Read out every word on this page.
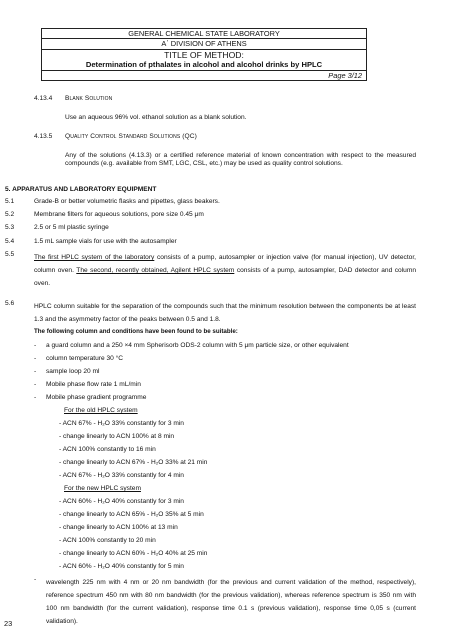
GENERAL CHEMICAL STATE LABORATORY
A΄ DIVISION OF ATHENS
TITLE OF METHOD:
Determination of pthalates in alcohol and alcohol drinks by HPLC
Page 3/12
4.13.4 Blank Solution
Use an aqueous 96% vol. ethanol solution as a blank solution.
4.13.5 Quality Control Standard Solutions (QC)
Any of the solutions (4.13.3) or a certified reference material of known concentration with respect to the measured compounds (e.g. available from SMT, LGC, CSL, etc.) may be used as quality control solutions.
5. APPARATUS AND LABORATORY EQUIPMENT
5.1	Grade-B or better volumetric flasks and pipettes, glass beakers.
5.2	Membrane filters for aqueous solutions, pore size 0.45 μm
5.3	2.5 or 5 ml plastic syringe
5.4	1.5 mL sample vials for use with the autosampler
5.5	The first HPLC system of the laboratory consists of a pump, autosampler or injection valve (for manual injection), UV detector, column oven. The second, recently obtained, Agilent HPLC system consists of a pump, autosampler, DAD detector and column oven.
5.6	HPLC column suitable for the separation of the compounds such that the minimum resolution between the components be at least 1.3 and the asymmetry factor of the peaks between 0.5 and 1.8.
The following column and conditions have been found to be suitable:
- a guard column and a 250 ×4 mm Spherisorb ODS-2 column with 5 μm particle size, or other equivalent
- column temperature 30 °C
- sample loop 20 ml
- Mobile phase flow rate 1 mL/min
- Mobile phase gradient programme
For the old HPLC system
- ACN 67% - H₂O 33% constantly for 3 min
- change linearly to ACN 100% at 8 min
- ACN 100% constantly to 16 min
- change linearly to ACN 67% - H₂O 33% at 21 min
- ACN 67% - H₂O 33% constantly for 4 min
For the new HPLC system
- ACN 60% - H₂O 40% constantly for 3 min
- change linearly to ACN 65% - H₂O 35% at 5 min
- change linearly to ACN 100% at 13 min
- ACN 100% constantly to 20 min
- change linearly to ACN 60% - H₂O 40% at 25 min
- ACN 60% - H₂O 40% constantly for 5 min
- wavelength 225 nm with 4 nm or 20 nm bandwidth (for the previous and current validation of the method, respectively), reference spectrum 450 nm with 80 nm bandwidth (for the previous validation), whereas reference spectrum is 350 nm with 100 nm bandwidth (for the current validation), response time 0.1 s (previous validation), response time 0,05 s (current validation).
23
